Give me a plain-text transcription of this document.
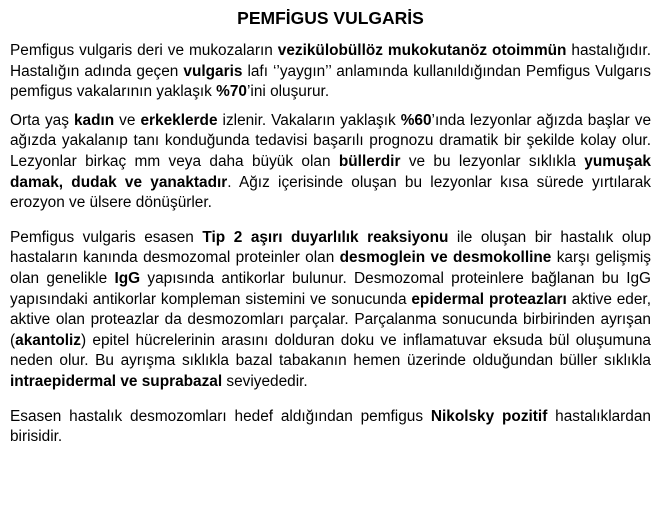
PEMFİGUS VULGARİS

Pemfigus vulgaris deri ve mukozaların vezikülobüllöz mukokutanöz otoimmün hastalığıdır. Hastalığın adında geçen vulgaris lafı ‘’yaygın’’ anlamında kullanıldığından Pemfigus Vulgarıs pemfigus vakalarının yaklaşık %70’ini oluşurur.

Orta yaş kadın ve erkeklerde izlenir. Vakaların yaklaşık %60’ında lezyonlar ağızda başlar ve ağızda yakalanıp tanı konduğunda tedavisi başarılı prognozu dramatik bir şekilde kolay olur. Lezyonlar birkaç mm veya daha büyük olan büllerdir ve bu lezyonlar sıklıkla yumuşak damak, dudak ve yanaktadır. Ağız içerisinde oluşan bu lezyonlar kısa sürede yırtılarak erozyon ve ülsere dönüşürler.

Pemfigus vulgaris esasen Tip 2 aşırı duyarlılık reaksiyonu ile oluşan bir hastalık olup hastaların kanında desmozomal proteinler olan desmoglein ve desmokolline karşı gelişmiş olan genelikle IgG yapısında antikorlar bulunur. Desmozomal proteinlere bağlanan bu IgG yapısındaki antikorlar kompleman sistemini ve sonucunda epidermal proteazları aktive eder, aktive olan proteazlar da desmozomları parçalar. Parçalanma sonucunda birbirinden ayrışan (akantoliz) epitel hücrelerinin arasını dolduran doku ve inflamatuvar eksuda bül oluşumuna neden olur. Bu ayrışma sıklıkla bazal tabakanın hemen üzerinde olduğundan büller sıklıkla intraepidermal ve suprabazal seviyededir.

Esasen hastalık desmozomları hedef aldığından pemfigus Nikolsky pozitif hastalıklardan birisidir.
